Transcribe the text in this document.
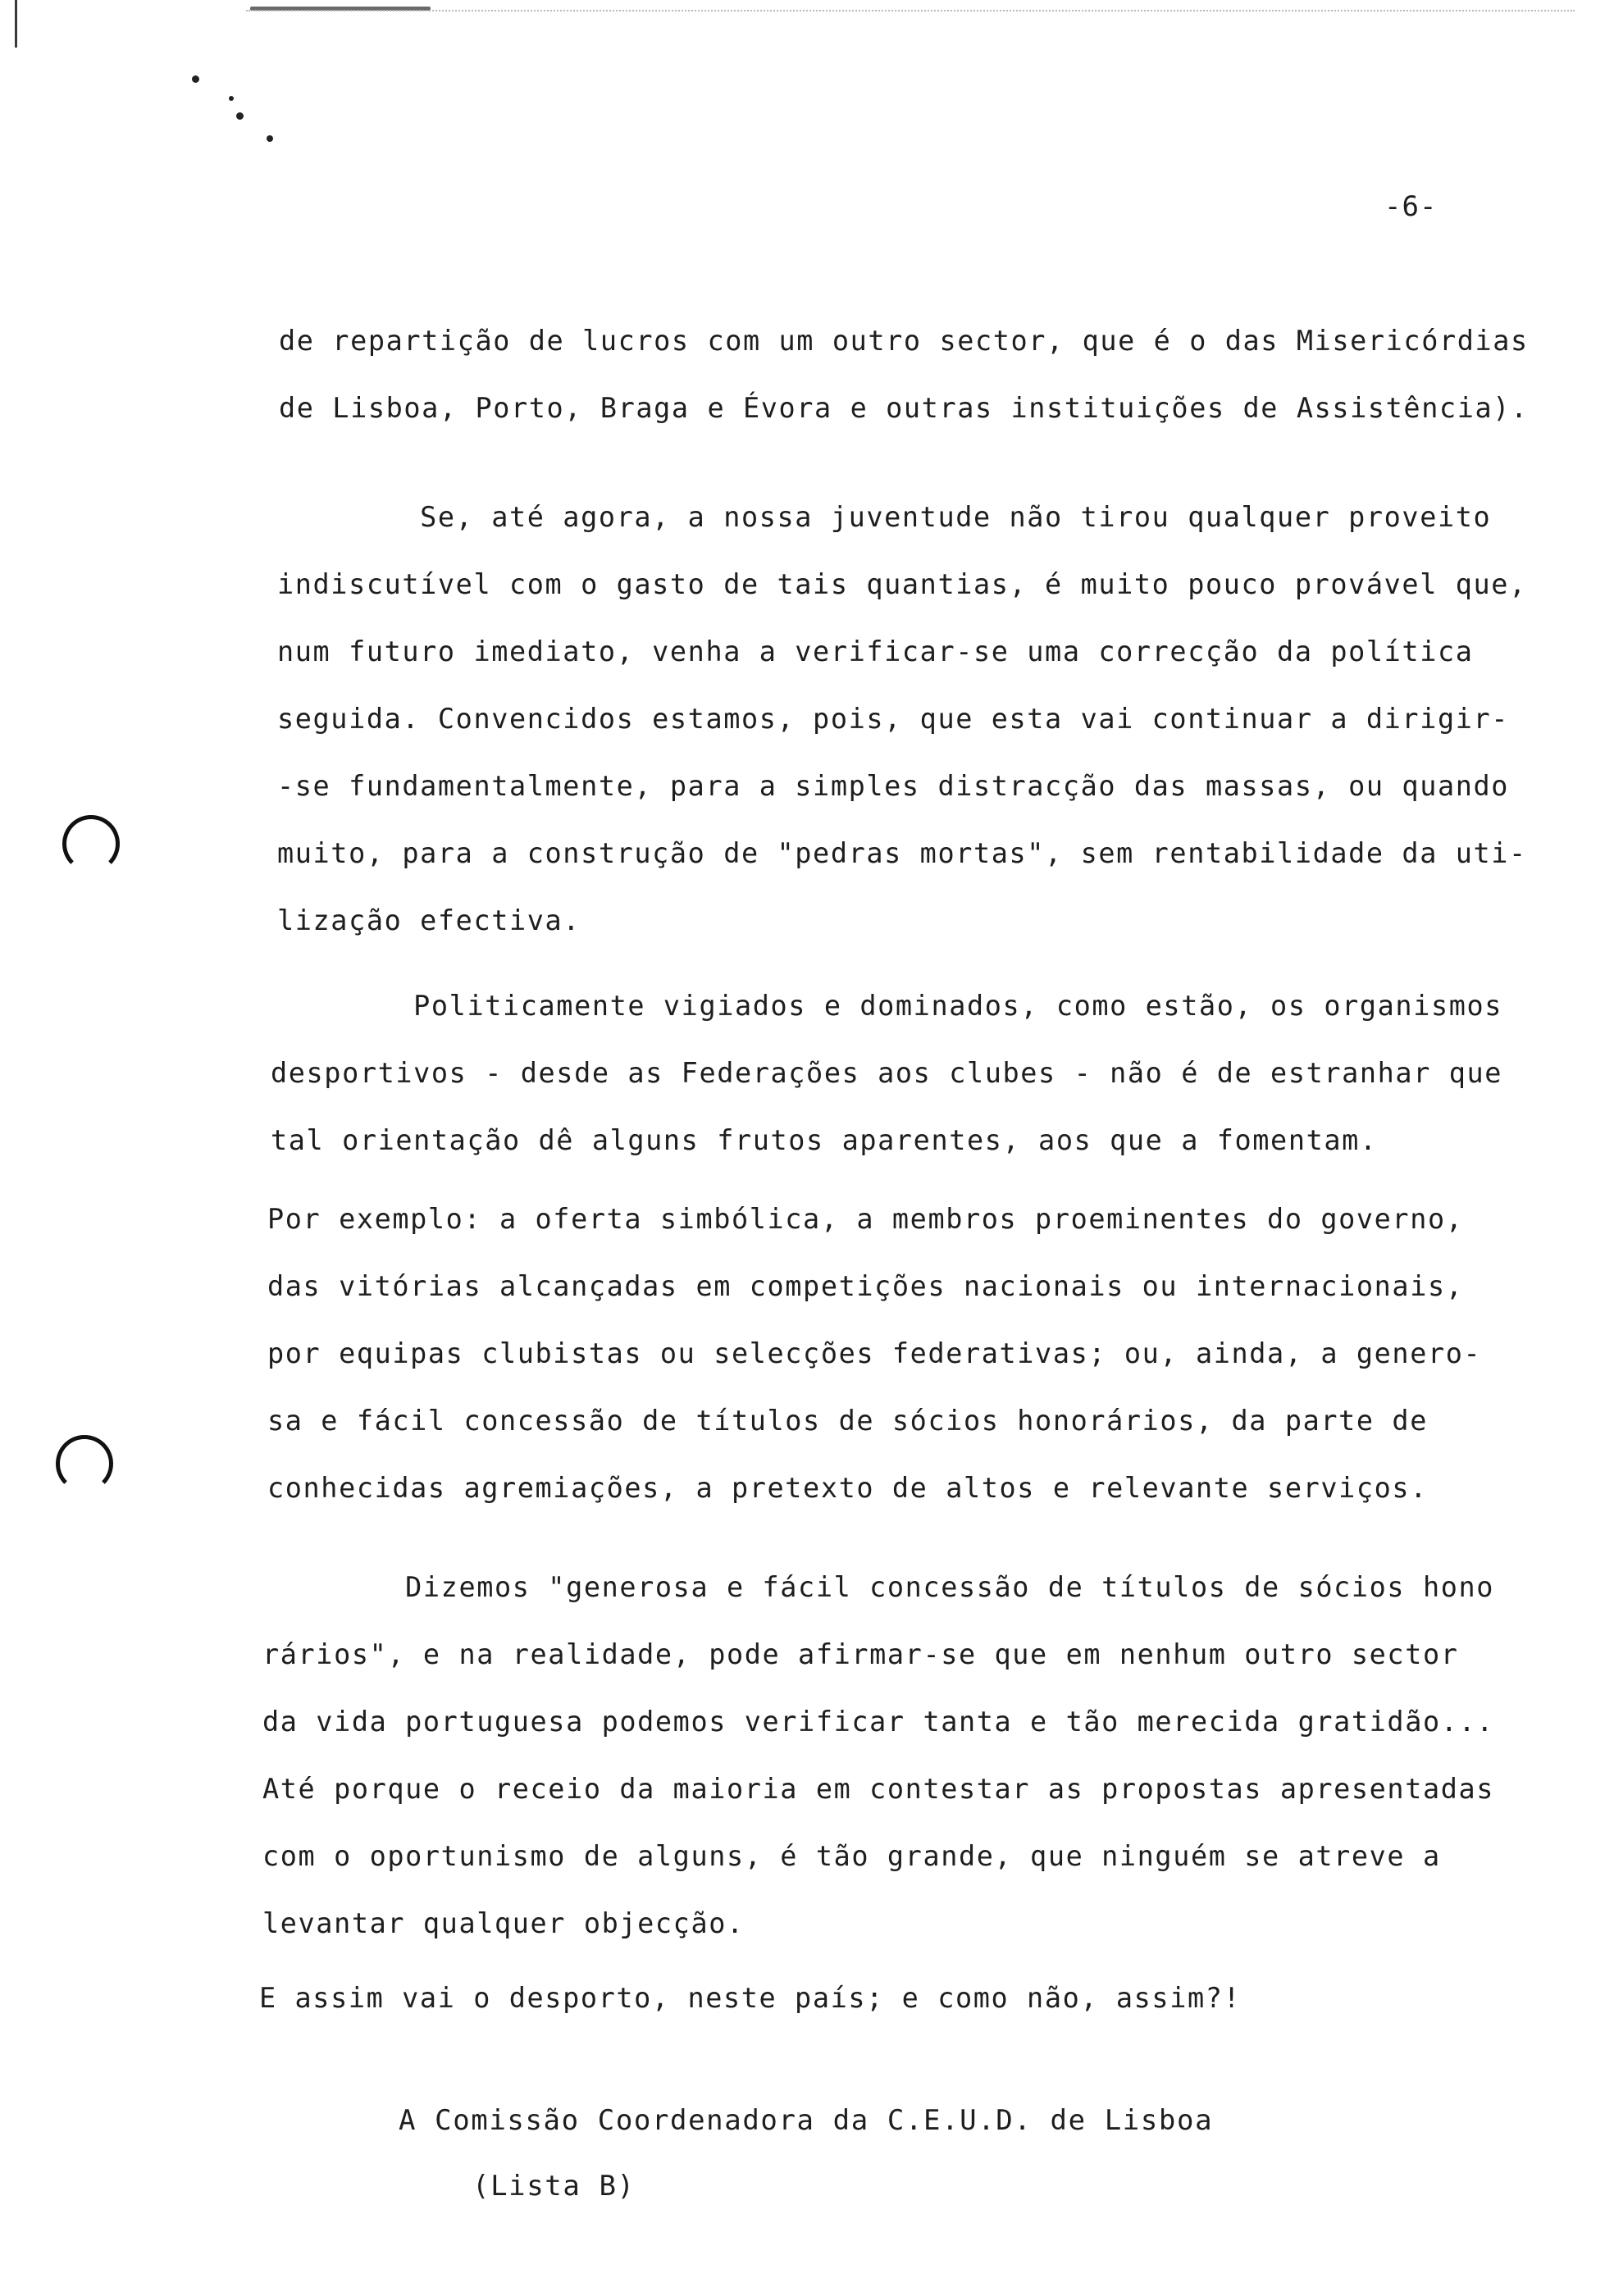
-6-

de repartição de lucros com um outro sector, que é o das Misericórdias
de Lisboa, Porto, Braga e Évora e outras instituições de Assistência).

Se, até agora, a nossa juventude não tirou qualquer proveito
indiscutível com o gasto de tais quantias, é muito pouco provável que,
num futuro imediato, venha a verificar-se uma correcção da política
seguida. Convencidos estamos, pois, que esta vai continuar a dirigir-
-se fundamentalmente, para a simples distracção das massas, ou quando
muito, para a construção de "pedras mortas", sem rentabilidade da uti-
lização efectiva.

Politicamente vigiados e dominados, como estão, os organismos
desportivos - desde as Federações aos clubes - não é de estranhar que
tal orientação dê alguns frutos aparentes, aos que a fomentam.

Por exemplo: a oferta simbólica, a membros proeminentes do governo,
das vitórias alcançadas em competições nacionais ou internacionais,
por equipas clubistas ou selecções federativas; ou, ainda, a genero-
sa e fácil concessão de títulos de sócios honorários, da parte de
conhecidas agremiações, a pretexto de altos e relevante serviços.

Dizemos "generosa e fácil concessão de títulos de sócios hono
rários", e na realidade, pode afirmar-se que em nenhum outro sector
da vida portuguesa podemos verificar tanta e tão merecida gratidão...
Até porque o receio da maioria em contestar as propostas apresentadas
com o oportunismo de alguns, é tão grande, que ninguém se atreve a
levantar qualquer objecção.

E assim vai o desporto, neste país; e como não, assim?!

A Comissão Coordenadora da C.E.U.D. de Lisboa
(Lista B)
